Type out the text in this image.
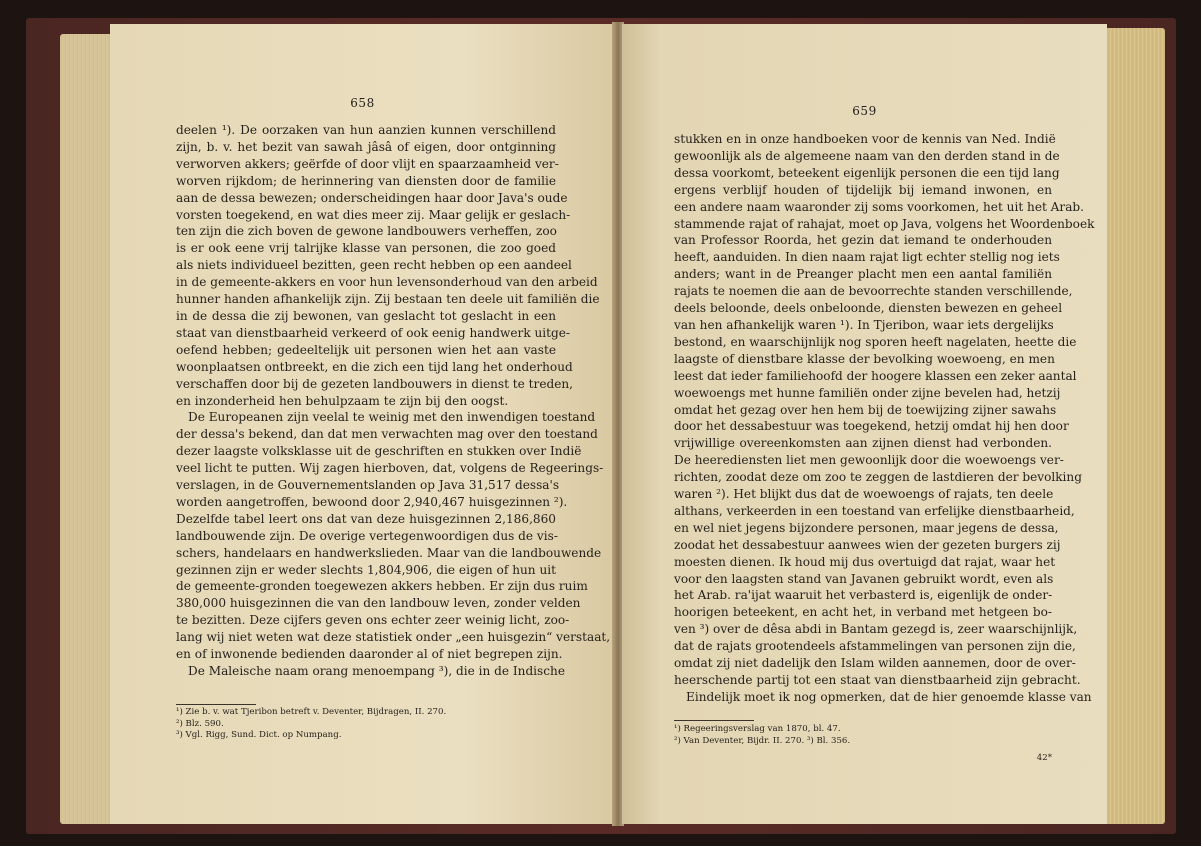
658
deelen ¹). De oorzaken van hun aanzien kunnen verschillend
zijn, b. v. het bezit van sawah jâsâ of eigen, door ontginning
verworven akkers; geërfde of door vlijt en spaarzaamheid ver-
worven rijkdom; de herinnering van diensten door de familie
aan de dessa bewezen; onderscheidingen haar door Java's oude
vorsten toegekend, en wat dies meer zij. Maar gelijk er geslach-
ten zijn die zich boven de gewone landbouwers verheffen, zoo
is er ook eene vrij talrijke klasse van personen, die zoo goed
als niets individueel bezitten, geen recht hebben op een aandeel
in de gemeente-akkers en voor hun levensonderhoud van den arbeid
hunner handen afhankelijk zijn. Zij bestaan ten deele uit familiën die
in de dessa die zij bewonen, van geslacht tot geslacht in een
staat van dienstbaarheid verkeerd of ook eenig handwerk uitge-
oefend hebben; gedeeltelijk uit personen wien het aan vaste
woonplaatsen ontbreekt, en die zich een tijd lang het onderhoud
verschaffen door bij de gezeten landbouwers in dienst te treden,
en inzonderheid hen behulpzaam te zijn bij den oogst.
De Europeanen zijn veelal te weinig met den inwendigen toestand
der dessa's bekend, dan dat men verwachten mag over den toestand
dezer laagste volksklasse uit de geschriften en stukken over Indië
veel licht te putten. Wij zagen hierboven, dat, volgens de Regeerings-
verslagen, in de Gouvernementslanden op Java 31,517 dessa's
worden aangetroffen, bewoond door 2,940,467 huisgezinnen ²).
Dezelfde tabel leert ons dat van deze huisgezinnen 2,186,860
landbouwende zijn. De overige vertegenwoordigen dus de vis-
schers, handelaars en handwerkslieden. Maar van die landbouwende
gezinnen zijn er weder slechts 1,804,906, die eigen of hun uit
de gemeente-gronden toegewezen akkers hebben. Er zijn dus ruim
380,000 huisgezinnen die van den landbouw leven, zonder velden
te bezitten. Deze cijfers geven ons echter zeer weinig licht, zoo-
lang wij niet weten wat deze statistiek onder „een huisgezin“ verstaat,
en of inwonende bedienden daaronder al of niet begrepen zijn.
De Maleische naam orang menoempang ³), die in de Indische
¹) Zie b. v. wat Tjeribon betreft v. Deventer, Bijdragen, II. 270.
²) Blz. 590.
³) Vgl. Rigg, Sund. Dict. op Numpang.
659
stukken en in onze handboeken voor de kennis van Ned. Indië
gewoonlijk als de algemeene naam van den derden stand in de
dessa voorkomt, beteekent eigenlijk personen die een tijd lang
ergens verblijf houden of tijdelijk bij iemand inwonen, en
een andere naam waaronder zij soms voorkomen, het uit het Arab.
stammende rajat of rahajat, moet op Java, volgens het Woordenboek
van Professor Roorda, het gezin dat iemand te onderhouden
heeft, aanduiden. In dien naam rajat ligt echter stellig nog iets
anders; want in de Preanger placht men een aantal familiën
rajats te noemen die aan de bevoorrechte standen verschillende,
deels beloonde, deels onbeloonde, diensten bewezen en geheel
van hen afhankelijk waren ¹). In Tjeribon, waar iets dergelijks
bestond, en waarschijnlijk nog sporen heeft nagelaten, heette die
laagste of dienstbare klasse der bevolking woewoeng, en men
leest dat ieder familiehoofd der hoogere klassen een zeker aantal
woewoengs met hunne familiën onder zijne bevelen had, hetzij
omdat het gezag over hen hem bij de toewijzing zijner sawahs
door het dessabestuur was toegekend, hetzij omdat hij hen door
vrijwillige overeenkomsten aan zijnen dienst had verbonden.
De heerediensten liet men gewoonlijk door die woewoengs ver-
richten, zoodat deze om zoo te zeggen de lastdieren der bevolking
waren ²). Het blijkt dus dat de woewoengs of rajats, ten deele
althans, verkeerden in een toestand van erfelijke dienstbaarheid,
en wel niet jegens bijzondere personen, maar jegens de dessa,
zoodat het dessabestuur aanwees wien der gezeten burgers zij
moesten dienen. Ik houd mij dus overtuigd dat rajat, waar het
voor den laagsten stand van Javanen gebruikt wordt, even als
het Arab. ra'ijat waaruit het verbasterd is, eigenlijk de onder-
hoorigen beteekent, en acht het, in verband met hetgeen bo-
ven ³) over de dêsa abdi in Bantam gezegd is, zeer waarschijnlijk,
dat de rajats grootendeels afstammelingen van personen zijn die,
omdat zij niet dadelijk den Islam wilden aannemen, door de over-
heerschende partij tot een staat van dienstbaarheid zijn gebracht.
Eindelijk moet ik nog opmerken, dat de hier genoemde klasse van
¹) Regeeringsverslag van 1870, bl. 47.
²) Van Deventer, Bijdr. II. 270. ³) Bl. 356.
42*
